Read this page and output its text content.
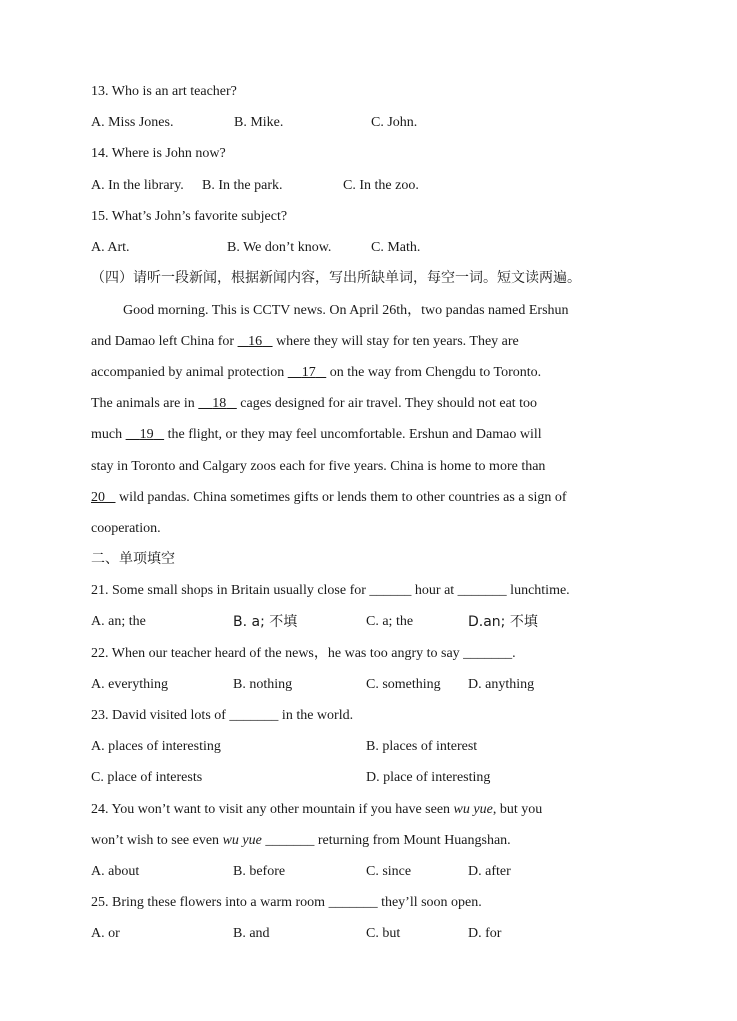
13. Who is an art teacher?
A. Miss Jones.	B. Mike.	C. John.
14. Where is John now?
A. In the library. B. In the park.	C. In the zoo.
15. What’s John’s favorite subject?
A. Art.	B. We don’t know.	C. Math.
（四）请听一段新闻，根据新闻内容，写出所缺单词，每空一词。短文读两遍。
Good morning. This is CCTV news. On April 26th，two pandas named Ershun
and Damao left China for    16    where they will stay for ten years. They are
accompanied by animal protection     17    on the way from Chengdu to Toronto.
The animals are in     18    cages designed for air travel. They should not eat too
much     19    the flight, or they may feel uncomfortable. Ershun and Damao will
stay in Toronto and Calgary zoos each for five years. China is home to more than
20    wild pandas. China sometimes gifts or lends them to other countries as a sign of
cooperation.
二、单项填空
21. Some small shops in Britain usually close for ______ hour at _______ lunchtime.
A. an; the	B. a; 不填	C. a; the	D.an; 不填
22. When our teacher heard of the news，he was too angry to say _______.
A. everything	B. nothing	C. something D. anything
23. David visited lots of _______ in the world.
A. places of interesting	B. places of interest
C. place of interests	D. place of interesting
24. You won’t want to visit any other mountain if you have seen wu yue, but you
won’t wish to see even wu yue _______ returning from Mount Huangshan.
A. about	B. before	C. since	D. after
25. Bring these flowers into a warm room _______ they’ll soon open.
A. or	B. and	C. but	D. for
